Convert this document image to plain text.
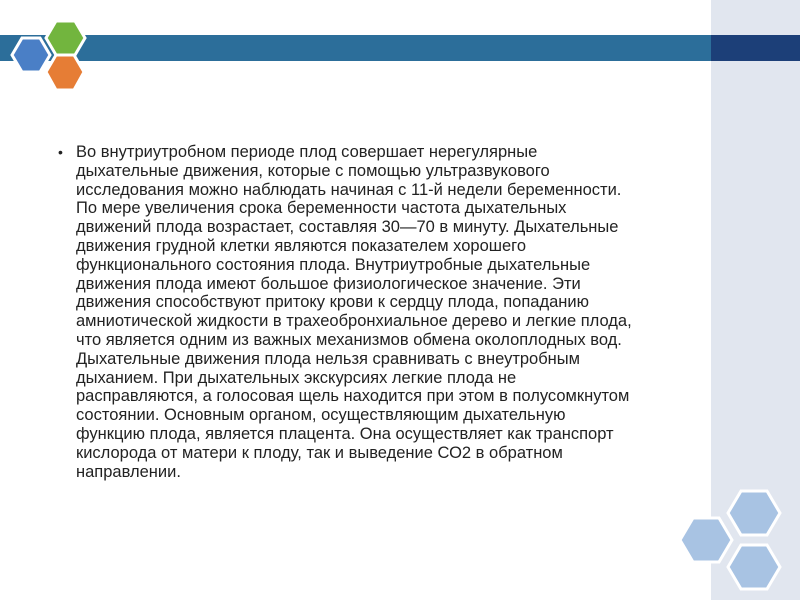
• Во внутриутробном периоде плод совершает нерегулярные
дыхательные движения, которые с помощью ультразвукового
исследования можно наблюдать начиная с 11-й недели беременности.
По мере увеличения срока беременности частота дыхательных
движений плода возрастает, составляя 30—70 в минуту. Дыхательные
движения грудной клетки являются показателем хорошего
функционального состояния плода. Внутриутробные дыхательные
движения плода имеют большое физиологическое значение. Эти
движения способствуют притоку крови к сердцу плода, попаданию
амниотической жидкости в трахеобронхиальное дерево и легкие плода,
что является одним из важных механизмов обмена околоплодных вод.
Дыхательные движения плода нельзя сравнивать с внеутробным
дыханием. При дыхательных экскурсиях легкие плода не
расправляются, а голосовая щель находится при этом в полусомкнутом
состоянии. Основным органом, осуществляющим дыхательную
функцию плода, является плацента. Она осуществляет как транспорт
кислорода от матери к плоду, так и выведение СО2 в обратном
направлении.
